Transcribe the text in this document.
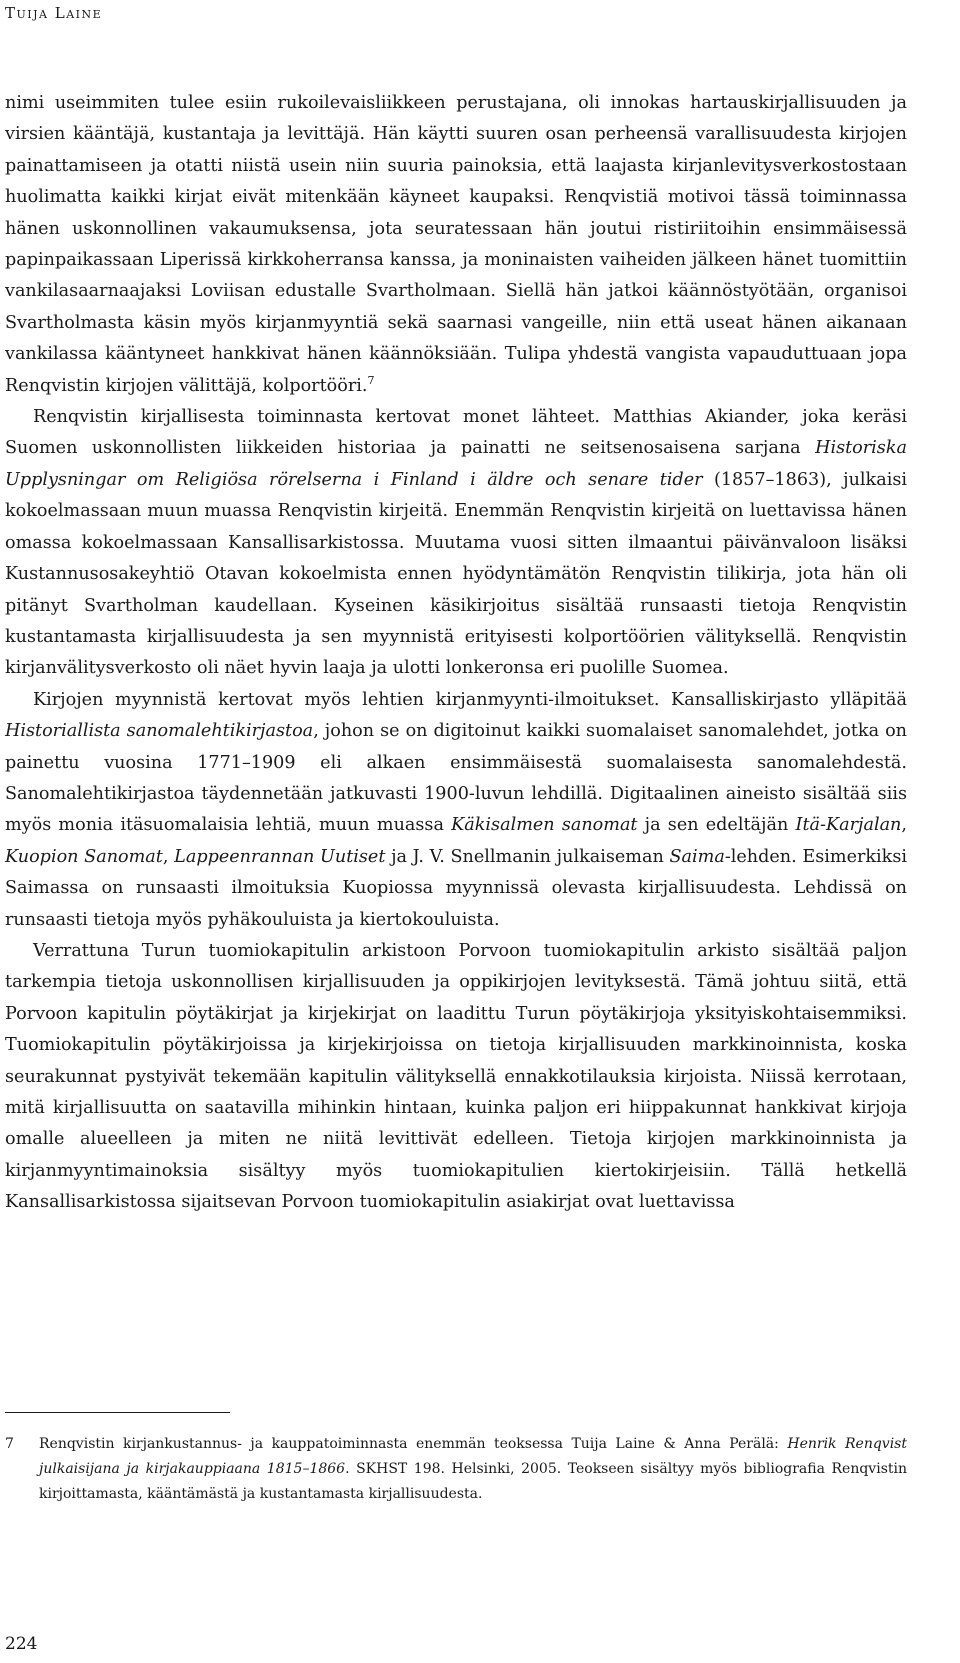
Tuija Laine

nimi useimmiten tulee esiin rukoilevaisliikkeen perustajana, oli innokas hartauskirjallisuuden ja virsien kääntäjä, kustantaja ja levittäjä. Hän käytti suuren osan perheensä varallisuudesta kirjojen painattamiseen ja otatti niistä usein niin suuria painoksia, että laajasta kirjanlevitysverkostostaan huolimatta kaikki kirjat eivät mitenkään käyneet kaupaksi. Renqvistiä motivoi tässä toiminnassa hänen uskonnollinen vakaumuksensa, jota seuratessaan hän joutui ristiriitoihin ensimmäisessä papinpaikassaan Liperissä kirkkoherransa kanssa, ja moninaisten vaiheiden jälkeen hänet tuomittiin vankilasaarnaajaksi Loviisan edustalle Svartholmaan. Siellä hän jatkoi käännöstyötään, organisoi Svartholmasta käsin myös kirjanmyyntiä sekä saarnasi vangeille, niin että useat hänen aikanaan vankilassa kääntyneet hankkivat hänen käännöksiään. Tulipa yhdestä vangista vapauduttuaan jopa Renqvistin kirjojen välittäjä, kolportööri.$^7$

Renqvistin kirjallisesta toiminnasta kertovat monet lähteet. Matthias Akiander, joka keräsi Suomen uskonnollisten liikkeiden historiaa ja painatti ne seitsenosaisena sarjana Historiska Upplysningar om Religiösa rörelserna i Finland i äldre och senare tider (1857–1863), julkaisi kokoelmassaan muun muassa Renqvistin kirjeitä. Enemmän Renqvistin kirjeitä on luettavissa hänen omassa kokoelmassaan Kansallisarkistossa. Muutama vuosi sitten ilmaantui päivänvaloon lisäksi Kustannusosakeyhtiö Otavan kokoelmista ennen hyödyntämätön Renqvistin tilikirja, jota hän oli pitänyt Svartholman kaudellaan. Kyseinen käsikirjoitus sisältää runsaasti tietoja Renqvistin kustantamasta kirjallisuudesta ja sen myynnistä erityisesti kolportöörien välityksellä. Renqvistin kirjanvälitysverkosto oli näet hyvin laaja ja ulotti lonkeronsa eri puolille Suomea.

Kirjojen myynnistä kertovat myös lehtien kirjanmyynti-ilmoitukset. Kansalliskirjasto ylläpitää Historiallista sanomalehtikirjastoa, johon se on digitoinut kaikki suomalaiset sanomalehdet, jotka on painettu vuosina 1771–1909 eli alkaen ensimmäisestä suomalaisesta sanomalehdestä. Sanomalehtikirjastoa täydennetään jatkuvasti 1900-luvun lehdillä. Digitaalinen aineisto sisältää siis myös monia itäsuomalaisia lehtiä, muun muassa Käkisalmen sanomat ja sen edeltäjän Itä-Karjalan, Kuopion Sanomat, Lappeenrannan Uutiset ja J. V. Snellmanin julkaiseman Saima-lehden. Esimerkiksi Saimassa on runsaasti ilmoituksia Kuopiossa myynnissä olevasta kirjallisuudesta. Lehdissä on runsaasti tietoja myös pyhäkouluista ja kiertokouluista.

Verrattuna Turun tuomiokapitulin arkistoon Porvoon tuomiokapitulin arkisto sisältää paljon tarkempia tietoja uskonnollisen kirjallisuuden ja oppikirjojen levityksestä. Tämä johtuu siitä, että Porvoon kapitulin pöytäkirjat ja kirjekirjat on laadittu Turun pöytäkirjoja yksityiskohtaisemmiksi. Tuomiokapitulin pöytäkirjoissa ja kirjekirjoissa on tietoja kirjallisuuden markkinoinnista, koska seurakunnat pystyivät tekemään kapitulin välityksellä ennakkotilauksia kirjoista. Niissä kerrotaan, mitä kirjallisuutta on saatavilla mihinkin hintaan, kuinka paljon eri hiippakunnat hankkivat kirjoja omalle alueelleen ja miten ne niitä levittivät edelleen. Tietoja kirjojen markkinoinnista ja kirjanmyyntimainoksia sisältyy myös tuomiokapitulien kiertokirjeisiin. Tällä hetkellä Kansallisarkistossa sijaitsevan Porvoon tuomiokapitulin asiakirjat ovat luettavissa

7 Renqvistin kirjankustannus- ja kauppatoiminnasta enemmän teoksessa Tuija Laine & Anna Perälä: Henrik Renqvist julkaisijana ja kirjakauppiaana 1815–1866. SKHST 198. Helsinki, 2005. Teokseen sisältyy myös bibliografia Renqvistin kirjoittamasta, kääntämästä ja kustantamasta kirjallisuudesta.
224
